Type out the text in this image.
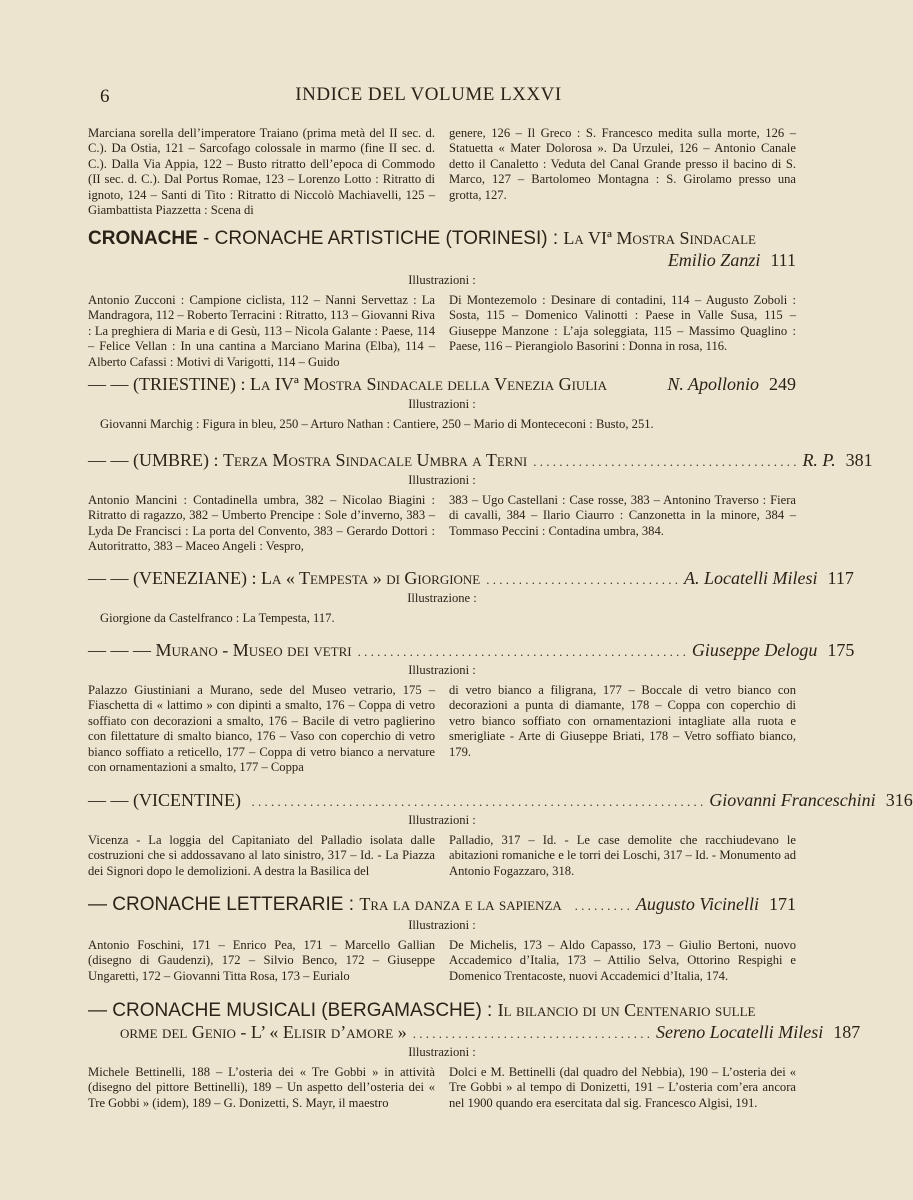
6	INDICE DEL VOLUME LXXVI
Marciana sorella dell’imperatore Traiano (prima metà del II sec. d. C.). Da Ostia, 121 – Sarcofago colossale in marmo (fine II sec. d. C.). Dalla Via Appia, 122 – Busto ritratto dell’epoca di Commodo (II sec. d. C.). Dal Portus Romae, 123 – Lorenzo Lotto : Ritratto di ignoto, 124 – Santi di Tito : Ritratto di Niccolò Machiavelli, 125 – Giambattista Piazzetta : Scena di
genere, 126 – Il Greco : S. Francesco medita sulla morte, 126 – Statuetta « Mater Dolorosa ». Da Urzulei, 126 – Antonio Canale detto il Canaletto : Veduta del Canal Grande presso il bacino di S. Marco, 127 – Bartolomeo Montagna : S. Girolamo presso una grotta, 127.
CRONACHE - CRONACHE ARTISTICHE (TORINESI) : La VIª Mostra Sindacale
Emilio Zanzi 111
Illustrazioni :
Antonio Zucconi : Campione ciclista, 112 – Nanni Servettaz : La Mandragora, 112 – Roberto Terracini : Ritratto, 113 – Giovanni Riva : La preghiera di Maria e di Gesù, 113 – Nicola Galante : Paese, 114 – Felice Vellan : In una cantina a Marciano Marina (Elba), 114 – Alberto Cafassi : Motivi di Varigotti, 114 – Guido
Di Montezemolo : Desinare di contadini, 114 – Augusto Zoboli : Sosta, 115 – Domenico Valinotti : Paese in Valle Susa, 115 – Giuseppe Manzone : L’aja soleggiata, 115 – Massimo Quaglino : Paese, 116 – Pierangiolo Basorini : Donna in rosa, 116.
— — (TRIESTINE) : La IVª Mostra Sindacale della Venezia Giulia	N. Apollonio 249
Illustrazioni :
Giovanni Marchig : Figura in bleu, 250 – Arturo Nathan : Cantiere, 250 – Mario di Montececoni : Busto, 251.
— — (UMBRE) : Terza Mostra Sindacale Umbra a Terni . . . . . . . . . . . . . . . . . . . . . . . . . . . . . . . . . . . . . . . . . R. P. 381
Illustrazioni :
Antonio Mancini : Contadinella umbra, 382 – Nicolao Biagini : Ritratto di ragazzo, 382 – Umberto Prencipe : Sole d’inverno, 383 – Lyda De Francisci : La porta del Convento, 383 – Gerardo Dottori : Autoritratto, 383 – Maceo Angeli : Vespro,
383 – Ugo Castellani : Case rosse, 383 – Antonino Traverso : Fiera di cavalli, 384 – Ilario Ciaurro : Canzonetta in la minore, 384 – Tommaso Peccini : Contadina umbra, 384.
— — (VENEZIANE) : La « Tempesta » di Giorgione . . . . . . . . . . . . . . . . . . . . . . . . . . . . . . A. Locatelli Milesi 117
Illustrazione :
Giorgione da Castelfranco : La Tempesta, 117.
— — — Murano - Museo dei vetri . . . . . . . . . . . . . . . . . . . . . . . . . . . . . . . . . . . . . . . . . . . . . . . . . . . Giuseppe Delogu 175
Illustrazioni :
Palazzo Giustiniani a Murano, sede del Museo vetrario, 175 – Fiaschetta di « lattimo » con dipinti a smalto, 176 – Coppa di vetro soffiato con decorazioni a smalto, 176 – Bacile di vetro paglierino con filettature di smalto bianco, 176 – Vaso con coperchio di vetro bianco soffiato a reticello, 177 – Coppa di vetro bianco a nervature con ornamentazioni a smalto, 177 – Coppa
di vetro bianco a filigrana, 177 – Boccale di vetro bianco con decorazioni a punta di diamante, 178 – Coppa con coperchio di vetro bianco soffiato con ornamentazioni intagliate alla ruota e smerigliate - Arte di Giuseppe Briati, 178 – Vetro soffiato bianco, 179.
— — (VICENTINE) . . . . . . . . . . . . . . . . . . . . . . . . . . . . . . . . . . . . . . . . . . . . . . . . . . . . . . . . . . . . . . . . . . . . . . Giovanni Franceschini 316
Illustrazioni :
Vicenza - La loggia del Capitaniato del Palladio isolata dalle costruzioni che si addossavano al lato sinistro, 317 – Id. - La Piazza dei Signori dopo le demolizioni. A destra la Basilica del
Palladio, 317 – Id. - Le case demolite che racchiudevano le abitazioni romaniche e le torri dei Loschi, 317 – Id. - Monumento ad Antonio Fogazzaro, 318.
— CRONACHE LETTERARIE : Tra la danza e la sapienza . . . . . . . . . Augusto Vicinelli 171
Illustrazioni :
Antonio Foschini, 171 – Enrico Pea, 171 – Marcello Gallian (disegno di Gaudenzi), 172 – Silvio Benco, 172 – Giuseppe Ungaretti, 172 – Giovanni Titta Rosa, 173 – Eurialo
De Michelis, 173 – Aldo Capasso, 173 – Giulio Bertoni, nuovo Accademico d’Italia, 173 – Attilio Selva, Ottorino Respighi e Domenico Trentacoste, nuovi Accademici d’Italia, 174.
— CRONACHE MUSICALI (BERGAMASCHE) : Il bilancio di un Centenario sulle
orme del Genio - L’ « Elisir d’amore » . . . . . . . . . . . . . . . . . . . . . . . . . . . . . . . . . . . . . Sereno Locatelli Milesi 187
Illustrazioni :
Michele Bettinelli, 188 – L’osteria dei « Tre Gobbi » in attività (disegno del pittore Bettinelli), 189 – Un aspetto dell’osteria dei « Tre Gobbi » (idem), 189 – G. Donizetti, S. Mayr, il maestro
Dolci e M. Bettinelli (dal quadro del Nebbia), 190 – L’osteria dei « Tre Gobbi » al tempo di Donizetti, 191 – L’osteria com’era ancora nel 1900 quando era esercitata dal sig. Francesco Algisi, 191.
